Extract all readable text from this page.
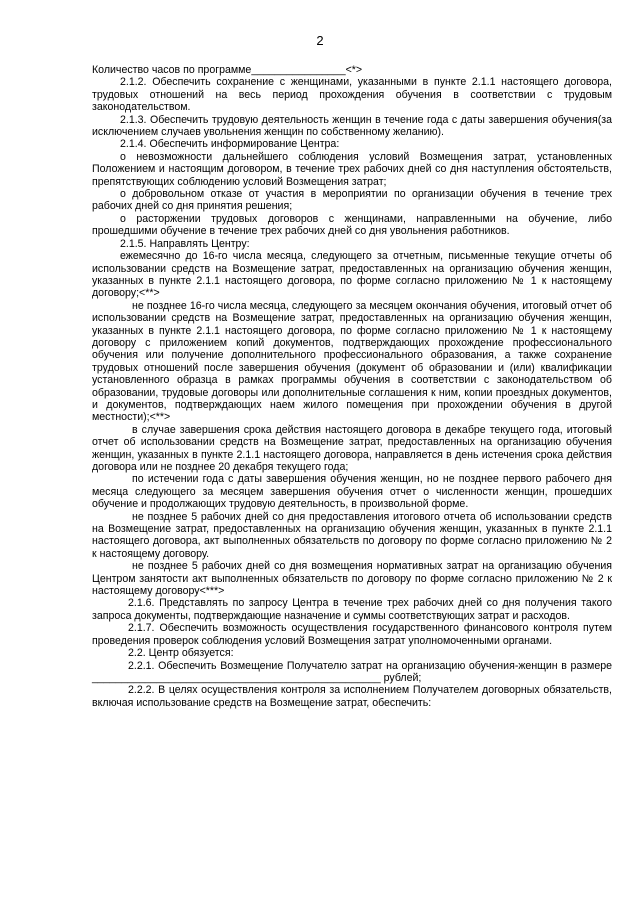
2

Количество часов по программе________________<*>

2.1.2. Обеспечить сохранение с женщинами, указанными в пункте 2.1.1 настоящего договора, трудовых отношений на весь период прохождения обучения в соответствии с трудовым законодательством.

2.1.3. Обеспечить трудовую деятельность женщин в течение года с даты завершения обучения(за исключением случаев увольнения женщин по собственному желанию).

2.1.4. Обеспечить информирование Центра:

о невозможности дальнейшего соблюдения условий Возмещения затрат, установленных Положением и настоящим договором, в течение трех рабочих дней со дня наступления обстоятельств, препятствующих соблюдению условий Возмещения затрат;

о добровольном отказе от участия в мероприятии по организации обучения в течение трех рабочих дней со дня принятия решения;

о расторжении трудовых договоров с женщинами, направленными на обучение, либо прошедшими обучение в течение трех рабочих дней со дня увольнения работников.

2.1.5. Направлять Центру:

ежемесячно до 16-го числа месяца, следующего за отчетным, письменные текущие отчеты об использовании средств на Возмещение затрат, предоставленных на организацию обучения женщин, указанных в пункте 2.1.1 настоящего договора, по форме согласно приложению № 1 к настоящему договору;<**>

не позднее 16-го числа месяца, следующего за месяцем окончания обучения, итоговый отчет об использовании средств на Возмещение затрат, предоставленных на организацию обучения женщин, указанных в пункте 2.1.1 настоящего договора, по форме согласно приложению № 1 к настоящему договору с приложением копий документов, подтверждающих прохождение профессионального обучения или получение дополнительного профессионального образования, а также сохранение трудовых отношений после завершения обучения (документ об образовании и (или) квалификации установленного образца в рамках программы обучения в соответствии с законодательством об образовании, трудовые договоры или дополнительные соглашения к ним, копии проездных документов, и документов, подтверждающих наем жилого помещения при прохождении обучения в другой местности);<**>

в случае завершения срока действия настоящего договора в декабре текущего года, итоговый отчет об использовании средств на Возмещение затрат, предоставленных на организацию обучения женщин, указанных в пункте 2.1.1 настоящего договора, направляется в день истечения срока действия договора или не позднее 20 декабря текущего года;

по истечении года с даты завершения обучения женщин, но не позднее первого рабочего дня месяца следующего за месяцем завершения обучения отчет о численности женщин, прошедших обучение и продолжающих трудовую деятельность, в произвольной форме.

не позднее 5 рабочих дней со дня предоставления итогового отчета об использовании средств на Возмещение затрат, предоставленных на организацию обучения женщин, указанных в пункте 2.1.1 настоящего договора, акт выполненных обязательств по договору по форме согласно приложению № 2 к настоящему договору.

не позднее 5 рабочих дней со дня возмещения нормативных затрат на организацию обучения Центром занятости акт выполненных обязательств по договору по форме согласно приложению № 2 к настоящему договору<***>

2.1.6. Представлять по запросу Центра в течение трех рабочих дней со дня получения такого запроса документы, подтверждающие назначение и суммы соответствующих затрат и расходов.

2.1.7. Обеспечить возможность осуществления государственного финансового контроля путем проведения проверок соблюдения условий Возмещения затрат уполномоченными органами.

2.2. Центр обязуется:

2.2.1. Обеспечить Возмещение Получателю затрат на организацию обучения-женщин в размере _________________________________________________ рублей;

2.2.2. В целях осуществления контроля за исполнением Получателем договорных обязательств, включая использование средств на Возмещение затрат, обеспечить:
